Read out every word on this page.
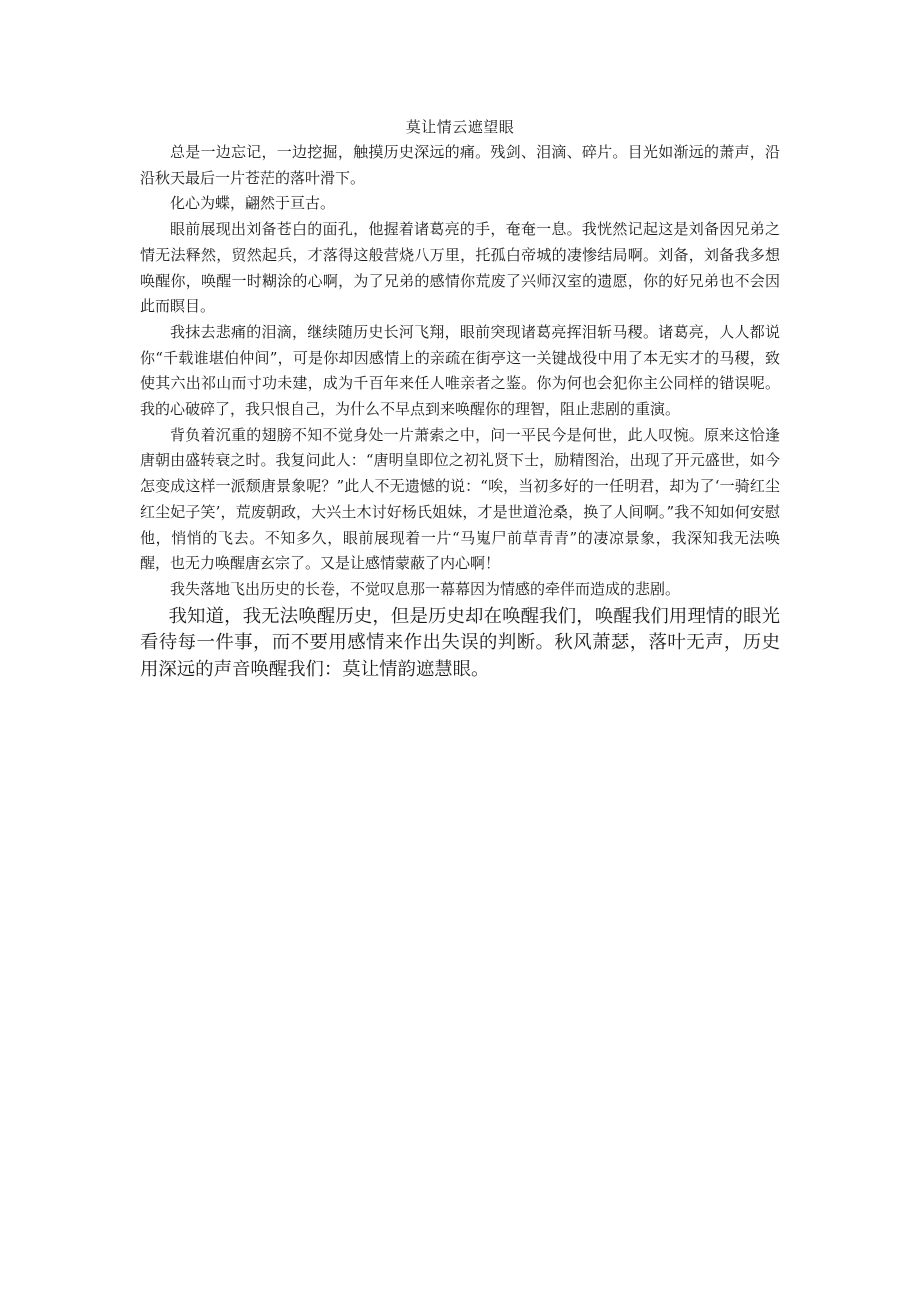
莫让情云遮望眼

总是一边忘记，一边挖掘，触摸历史深远的痛。残剑、泪滴、碎片。目光如渐远的萧声，沿沿秋天最后一片苍茫的落叶滑下。

化心为蝶，翩然于亘古。

眼前展现出刘备苍白的面孔，他握着诸葛亮的手，奄奄一息。我恍然记起这是刘备因兄弟之情无法释然，贸然起兵，才落得这般营烧八万里，托孤白帝城的凄惨结局啊。刘备，刘备我多想唤醒你，唤醒一时糊涂的心啊，为了兄弟的感情你荒废了兴师汉室的遗愿，你的好兄弟也不会因此而瞑目。

我抹去悲痛的泪滴，继续随历史长河飞翔，眼前突现诸葛亮挥泪斩马稷。诸葛亮，人人都说你“千载谁堪伯仲间”，可是你却因感情上的亲疏在街亭这一关键战役中用了本无实才的马稷，致使其六出祁山而寸功未建，成为千百年来任人唯亲者之鉴。你为何也会犯你主公同样的错误呢。我的心破碎了，我只恨自己，为什么不早点到来唤醒你的理智，阻止悲剧的重演。

背负着沉重的翅膀不知不觉身处一片萧索之中，问一平民今是何世，此人叹惋。原来这恰逢唐朝由盛转衰之时。我复问此人：“唐明皇即位之初礼贤下士，励精图治，出现了开元盛世，如今怎变成这样一派颓唐景象呢？”此人不无遗憾的说：“唉，当初多好的一任明君，却为了‘一骑红尘红尘妃子笑’，荒废朝政，大兴土木讨好杨氏姐妹，才是世道沧桑，换了人间啊。”我不知如何安慰他，悄悄的飞去。不知多久，眼前展现着一片“马嵬尸前草青青”的凄凉景象，我深知我无法唤醒，也无力唤醒唐玄宗了。又是让感情蒙蔽了内心啊！

我失落地飞出历史的长卷，不觉叹息那一幕幕因为情感的牵伴而造成的悲剧。

我知道，我无法唤醒历史，但是历史却在唤醒我们，唤醒我们用理情的眼光看待每一件事，而不要用感情来作出失误的判断。秋风萧瑟，落叶无声，历史用深远的声音唤醒我们：莫让情韵遮慧眼。
